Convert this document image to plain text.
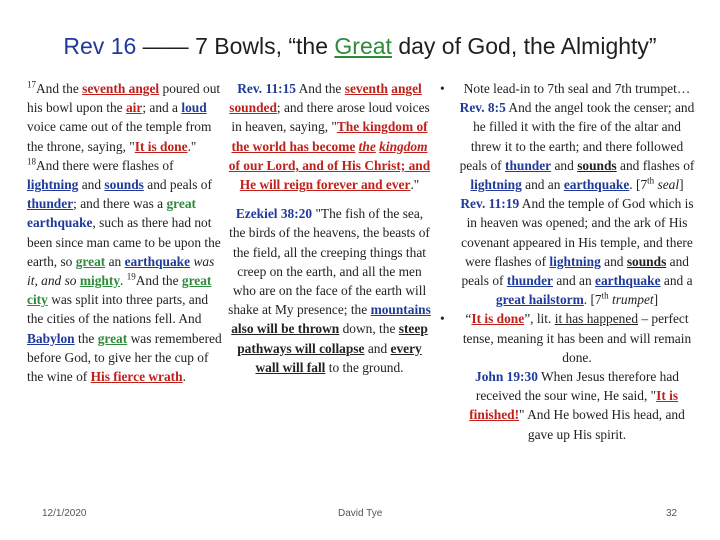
Rev 16 —— 7 Bowls, “the Great day of God, the Almighty”
$^{17}$And the seventh angel poured out his bowl upon the air; and a loud voice came out of the temple from the throne, saying, "It is done."
$^{18}$And there were flashes of lightning and sounds and peals of thunder; and there was a great earthquake, such as there had not been since man came to be upon the earth, so great an earthquake was it, and so mighty. $^{19}$And the great city was split into three parts, and the cities of the nations fell. And Babylon the great was remembered before God, to give her the cup of the wine of His fierce wrath.
Rev. 11:15 And the seventh angel sounded; and there arose loud voices in heaven, saying, "The kingdom of the world has become the kingdom of our Lord, and of His Christ; and He will reign forever and ever."
Ezekiel 38:20 "The fish of the sea, the birds of the heavens, the beasts of the field, all the creeping things that creep on the earth, and all the men who are on the face of the earth will shake at My presence; the mountains also will be thrown down, the steep pathways will collapse and every wall will fall to the ground.
• Note lead-in to 7th seal and 7th trumpet…
Rev. 8:5 And the angel took the censer; and he filled it with the fire of the altar and threw it to the earth; and there followed peals of thunder and sounds and flashes of lightning and an earthquake. [7th seal]
Rev. 11:19 And the temple of God which is in heaven was opened; and the ark of His covenant appeared in His temple, and there were flashes of lightning and sounds and peals of thunder and an earthquake and a great hailstorm. [7th trumpet]
• “It is done”, lit. it has happened – perfect tense, meaning it has been and will remain done.
John 19:30 When Jesus therefore had received the sour wine, He said, "It is finished!" And He bowed His head, and gave up His spirit.
12/1/2020	David Tye	32
